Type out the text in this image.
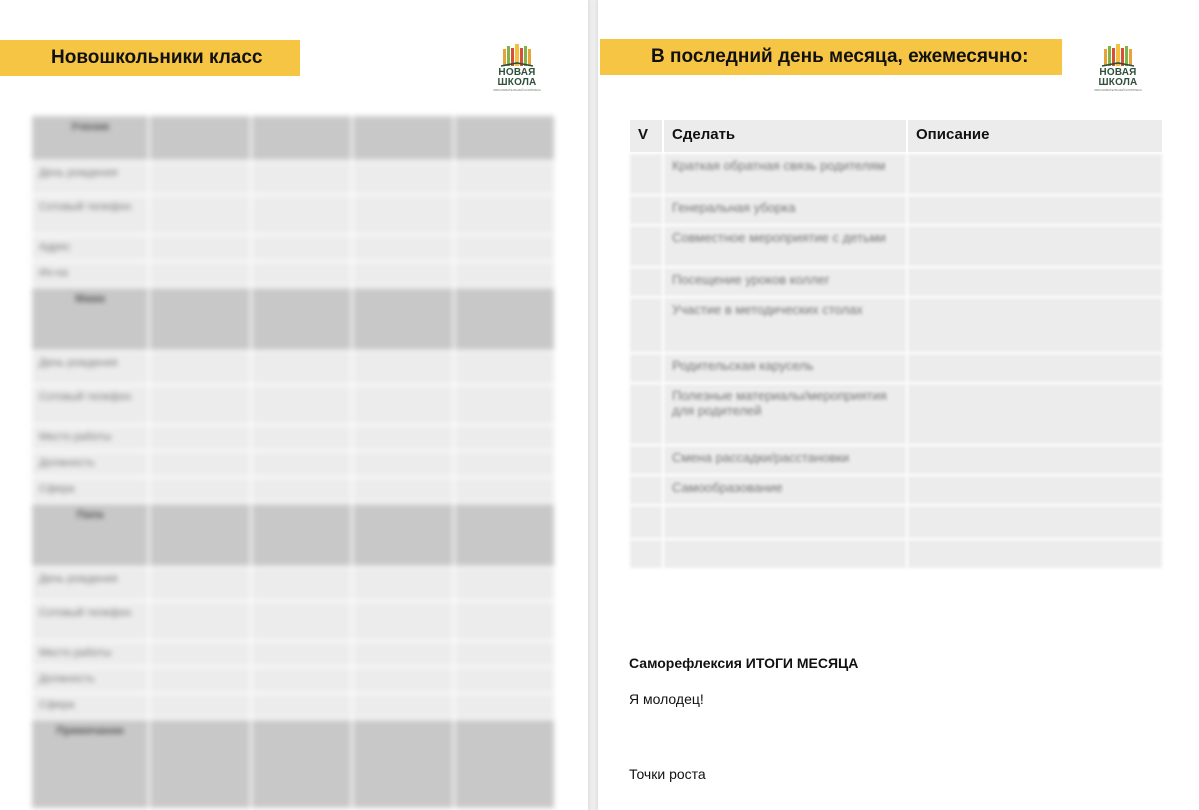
Новошкольники класс
НОВАЯ
ШКОЛА
ОБРАЗОВАТЕЛЬНЫЙ КОМПЛЕКС
Ученик				
День рождения				
Сотовый телефон				
Адрес				
Ин-ка				
Мама				
День рождения				
Сотовый телефон				
Место работы				
Должность				
Сфера				
Папа				
День рождения				
Сотовый телефон				
Место работы				
Должность				
Сфера				
Примечание				
В последний день месяца, ежемесячно:
НОВАЯ
ШКОЛА
ОБРАЗОВАТЕЛЬНЫЙ КОМПЛЕКС
V	Сделать	Описание
	Краткая обратная связь родителям	
	Генеральная уборка	
	Совместное мероприятие с детьми	
	Посещение уроков коллег	
	Участие в методических столах	
	Родительская карусель	
	Полезные материалы/мероприятия для родителей	
	Смена рассадки/расстановки	
	Самообразование	

Саморефлексия ИТОГИ МЕСЯЦА
Я молодец!
Точки роста
